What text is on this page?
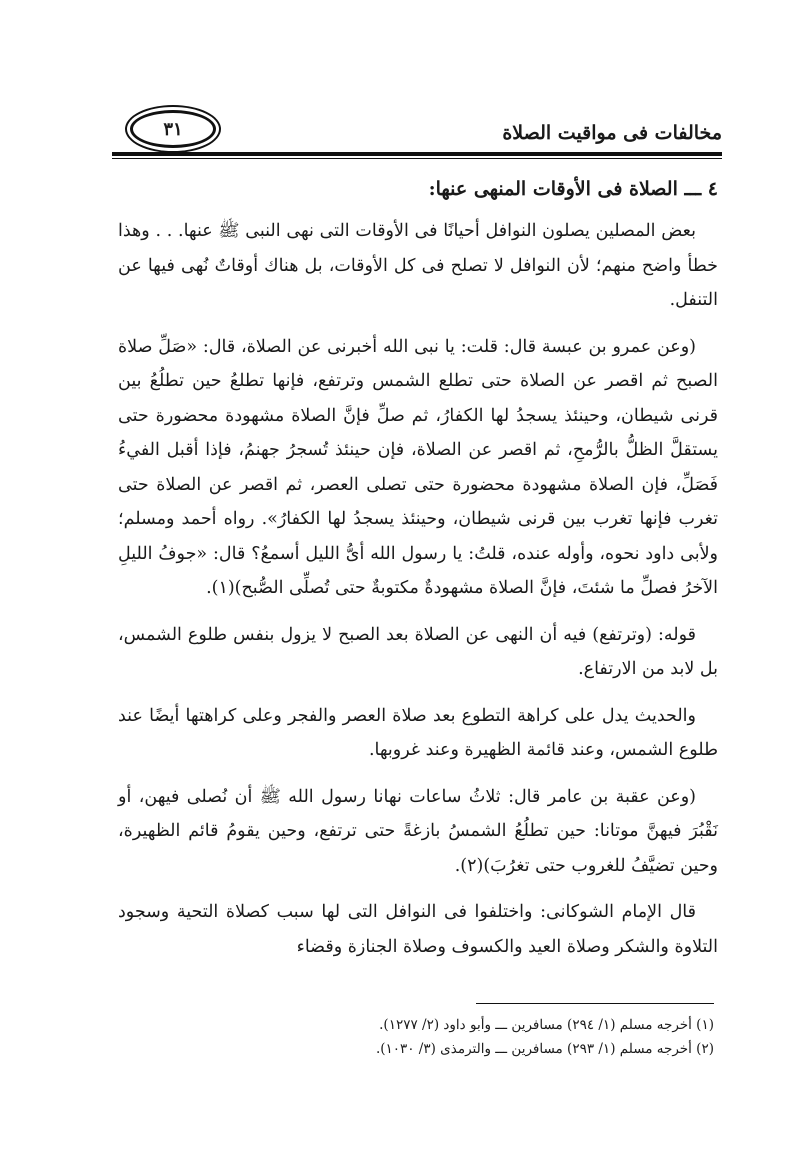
مخالفات فى مواقيت الصلاة
٣١
٤ ـــ الصلاة فى الأوقات المنهى عنها:

بعض المصلين يصلون النوافل أحيانًا فى الأوقات التى نهى النبى ﷺ عنها. . . وهذا خطأ واضح منهم؛ لأن النوافل لا تصلح فى كل الأوقات، بل هناك أوقاتٌ نُهى فيها عن التنفل.

(وعن عمرو بن عبسة قال: قلت: يا نبى الله أخبرنى عن الصلاة، قال: «صَلِّ صلاة الصبح ثم اقصر عن الصلاة حتى تطلع الشمس وترتفع، فإنها تطلعُ حين تطلُعُ بين قرنى شيطان، وحينئذ يسجدُ لها الكفارُ، ثم صلِّ فإنَّ الصلاة مشهودة محضورة حتى يستقلَّ الظلُّ بالرُّمحِ، ثم اقصر عن الصلاة، فإن حينئذ تُسجرُ جهنمُ، فإذا أقبل الفيءُ فَصَلِّ، فإن الصلاة مشهودة محضورة حتى تصلى العصر، ثم اقصر عن الصلاة حتى تغرب فإنها تغرب بين قرنى شيطان، وحينئذ يسجدُ لها الكفارُ». رواه أحمد ومسلم؛ ولأبى داود نحوه، وأوله عنده، قلتُ: يا رسول الله أىُّ الليل أسمعُ؟ قال: «جوفُ الليلِ الآخرُ فصلِّ ما شئتَ، فإنَّ الصلاة مشهودةٌ مكتوبةٌ حتى تُصلِّى الصُّبح)(١).

قوله: (وترتفع) فيه أن النهى عن الصلاة بعد الصبح لا يزول بنفس طلوع الشمس، بل لابد من الارتفاع.

والحديث يدل على كراهة التطوع بعد صلاة العصر والفجر وعلى كراهتها أيضًا عند طلوع الشمس، وعند قائمة الظهيرة وعند غروبها.

(وعن عقبة بن عامر قال: ثلاثُ ساعات نهانا رسول الله ﷺ أن نُصلى فيهن، أو نَقْبُرَ فيهنَّ موتانا: حين تطلُعُ الشمسُ بازغةً حتى ترتفع، وحين يقومُ قائم الظهيرة، وحين تضيَّفُ للغروب حتى تغرُبَ)(٢).

قال الإمام الشوكانى: واختلفوا فى النوافل التى لها سبب كصلاة التحية وسجود التلاوة والشكر وصلاة العيد والكسوف وصلاة الجنازة وقضاء

(١) أخرجه مسلم (١/ ٢٩٤) مسافرين ـــ وأبو داود (٢/ ١٢٧٧).
(٢) أخرجه مسلم (١/ ٢٩٣) مسافرين ـــ والترمذى (٣/ ١٠٣٠).
